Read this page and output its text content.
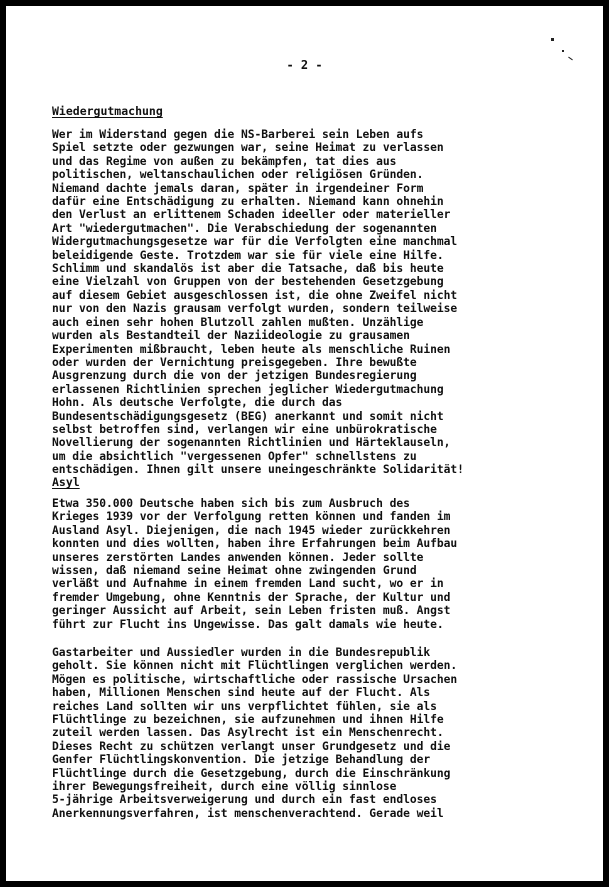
- 2 -
Wiedergutmachung
Wer im Widerstand gegen die NS-Barberei sein Leben aufs
Spiel setzte oder gezwungen war, seine Heimat zu verlassen
und das Regime von außen zu bekämpfen, tat dies aus
politischen, weltanschaulichen oder religiösen Gründen.
Niemand dachte jemals daran, später in irgendeiner Form
dafür eine Entschädigung zu erhalten. Niemand kann ohnehin
den Verlust an erlittenem Schaden ideeller oder materieller
Art "wiedergutmachen". Die Verabschiedung der sogenannten
Widergutmachungsgesetze war für die Verfolgten eine manchmal
beleidigende Geste. Trotzdem war sie für viele eine Hilfe.
Schlimm und skandalös ist aber die Tatsache, daß bis heute
eine Vielzahl von Gruppen von der bestehenden Gesetzgebung
auf diesem Gebiet ausgeschlossen ist, die ohne Zweifel nicht
nur von den Nazis grausam verfolgt wurden, sondern teilweise
auch einen sehr hohen Blutzoll zahlen mußten. Unzählige
wurden als Bestandteil der Naziideologie zu grausamen
Experimenten mißbraucht, leben heute als menschliche Ruinen
oder wurden der Vernichtung preisgegeben. Ihre bewußte
Ausgrenzung durch die von der jetzigen Bundesregierung
erlassenen Richtlinien sprechen jeglicher Wiedergutmachung
Hohn. Als deutsche Verfolgte, die durch das
Bundesentschädigungsgesetz (BEG) anerkannt und somit nicht
selbst betroffen sind, verlangen wir eine unbürokratische
Novellierung der sogenannten Richtlinien und Härteklauseln,
um die absichtlich "vergessenen Opfer" schnellstens zu
entschädigen. Ihnen gilt unsere uneingeschränkte Solidarität!
Asyl
Etwa 350.000 Deutsche haben sich bis zum Ausbruch des
Krieges 1939 vor der Verfolgung retten können und fanden im
Ausland Asyl. Diejenigen, die nach 1945 wieder zurückkehren
konnten und dies wollten, haben ihre Erfahrungen beim Aufbau
unseres zerstörten Landes anwenden können. Jeder sollte
wissen, daß niemand seine Heimat ohne zwingenden Grund
verläßt und Aufnahme in einem fremden Land sucht, wo er in
fremder Umgebung, ohne Kenntnis der Sprache, der Kultur und
geringer Aussicht auf Arbeit, sein Leben fristen muß. Angst
führt zur Flucht ins Ungewisse. Das galt damals wie heute.
Gastarbeiter und Aussiedler wurden in die Bundesrepublik
geholt. Sie können nicht mit Flüchtlingen verglichen werden.
Mögen es politische, wirtschaftliche oder rassische Ursachen
haben, Millionen Menschen sind heute auf der Flucht. Als
reiches Land sollten wir uns verpflichtet fühlen, sie als
Flüchtlinge zu bezeichnen, sie aufzunehmen und ihnen Hilfe
zuteil werden lassen. Das Asylrecht ist ein Menschenrecht.
Dieses Recht zu schützen verlangt unser Grundgesetz und die
Genfer Flüchtlingskonvention. Die jetzige Behandlung der
Flüchtlinge durch die Gesetzgebung, durch die Einschränkung
ihrer Bewegungsfreiheit, durch eine völlig sinnlose
5-jährige Arbeitsverweigerung und durch ein fast endloses
Anerkennungsverfahren, ist menschenverachtend. Gerade weil
